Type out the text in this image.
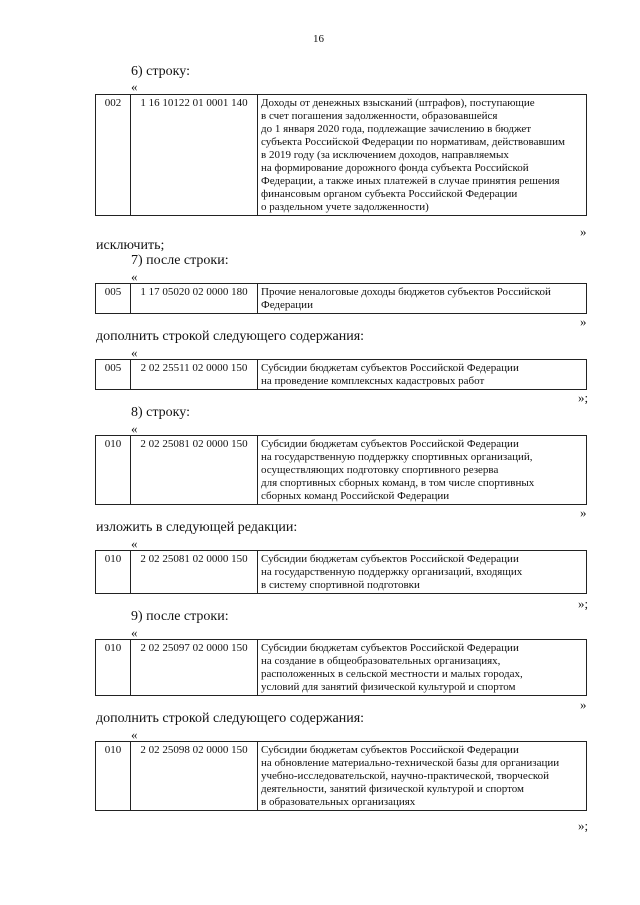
16
6) строку:
«
002	1 16 10122 01 0001 140	Доходы от денежных взысканий (штрафов), поступающие
в счет погашения задолженности, образовавшейся
до 1 января 2020 года, подлежащие зачислению в бюджет
субъекта Российской Федерации по нормативам, действовавшим
в 2019 году (за исключением доходов, направляемых
на формирование дорожного фонда субъекта Российской
Федерации, а также иных платежей в случае принятия решения
финансовым органом субъекта Российской Федерации
о раздельном учете задолженности)
»
исключить;
7) после строки:
«
005	1 17 05020 02 0000 180	Прочие неналоговые доходы бюджетов субъектов Российской
Федерации
»
дополнить строкой следующего содержания:
«
005	2 02 25511 02 0000 150	Субсидии бюджетам субъектов Российской Федерации
на проведение комплексных кадастровых работ
»;
8) строку:
«
010	2 02 25081 02 0000 150	Субсидии бюджетам субъектов Российской Федерации
на государственную поддержку спортивных организаций,
осуществляющих подготовку спортивного резерва
для спортивных сборных команд, в том числе спортивных
сборных команд Российской Федерации
»
изложить в следующей редакции:
«
010	2 02 25081 02 0000 150	Субсидии бюджетам субъектов Российской Федерации
на государственную поддержку организаций, входящих
в систему спортивной подготовки
»;
9) после строки:
«
010	2 02 25097 02 0000 150	Субсидии бюджетам субъектов Российской Федерации
на создание в общеобразовательных организациях,
расположенных в сельской местности и малых городах,
условий для занятий физической культурой и спортом
»
дополнить строкой следующего содержания:
«
010	2 02 25098 02 0000 150	Субсидии бюджетам субъектов Российской Федерации
на обновление материально-технической базы для организации
учебно-исследовательской, научно-практической, творческой
деятельности, занятий физической культурой и спортом
в образовательных организациях
»;
